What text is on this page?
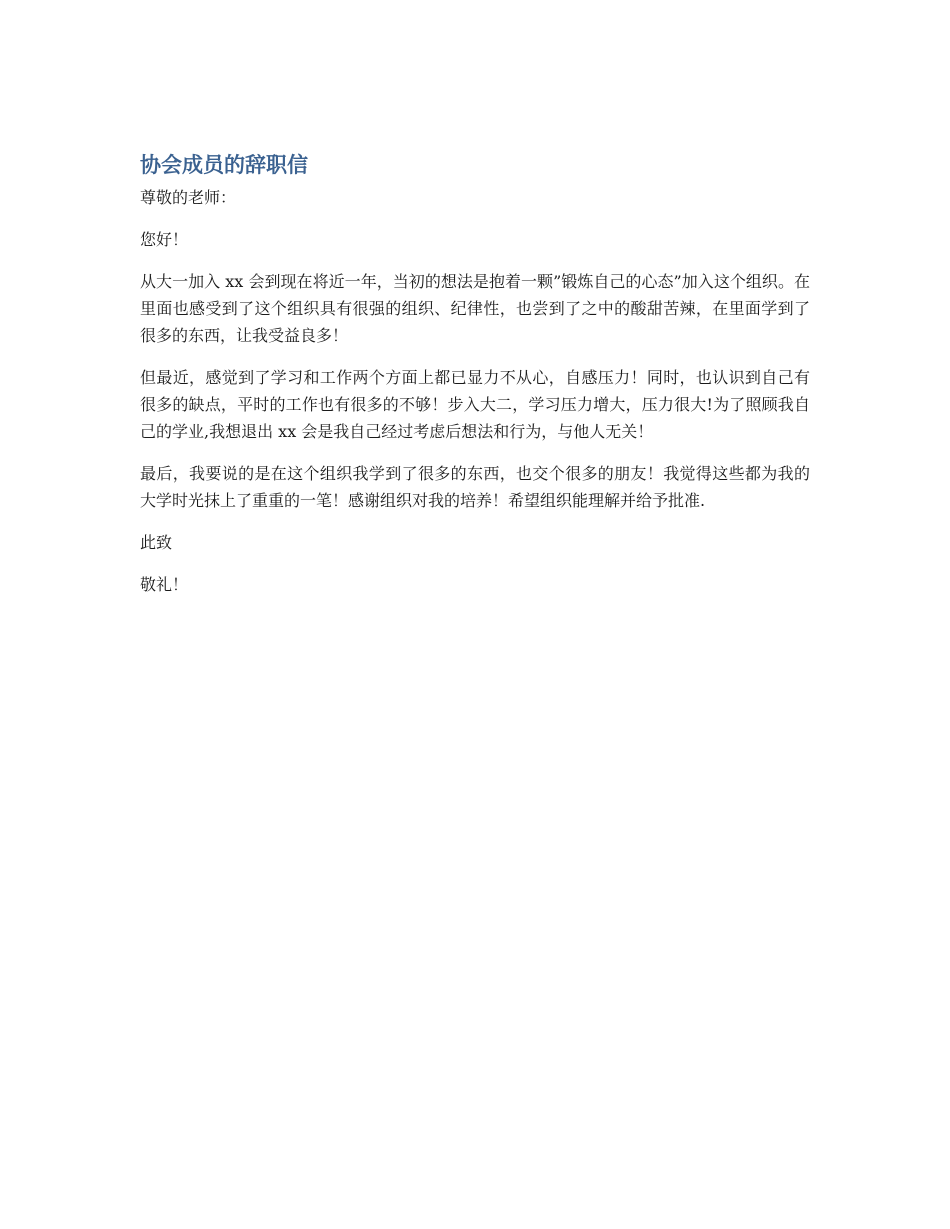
协会成员的辞职信

尊敬的老师：

您好！

从大一加入 xx 会到现在将近一年，当初的想法是抱着一颗”锻炼自己的心态”加入这个组织。在里面也感受到了这个组织具有很强的组织、纪律性，也尝到了之中的酸甜苦辣，在里面学到了很多的东西，让我受益良多！

但最近，感觉到了学习和工作两个方面上都已显力不从心，自感压力！同时，也认识到自己有很多的缺点，平时的工作也有很多的不够！步入大二，学习压力增大，压力很大!为了照顾我自己的学业,我想退出 xx 会是我自己经过考虑后想法和行为，与他人无关！

最后，我要说的是在这个组织我学到了很多的东西，也交个很多的朋友！我觉得这些都为我的大学时光抹上了重重的一笔！感谢组织对我的培养！希望组织能理解并给予批准.

此致

敬礼！
